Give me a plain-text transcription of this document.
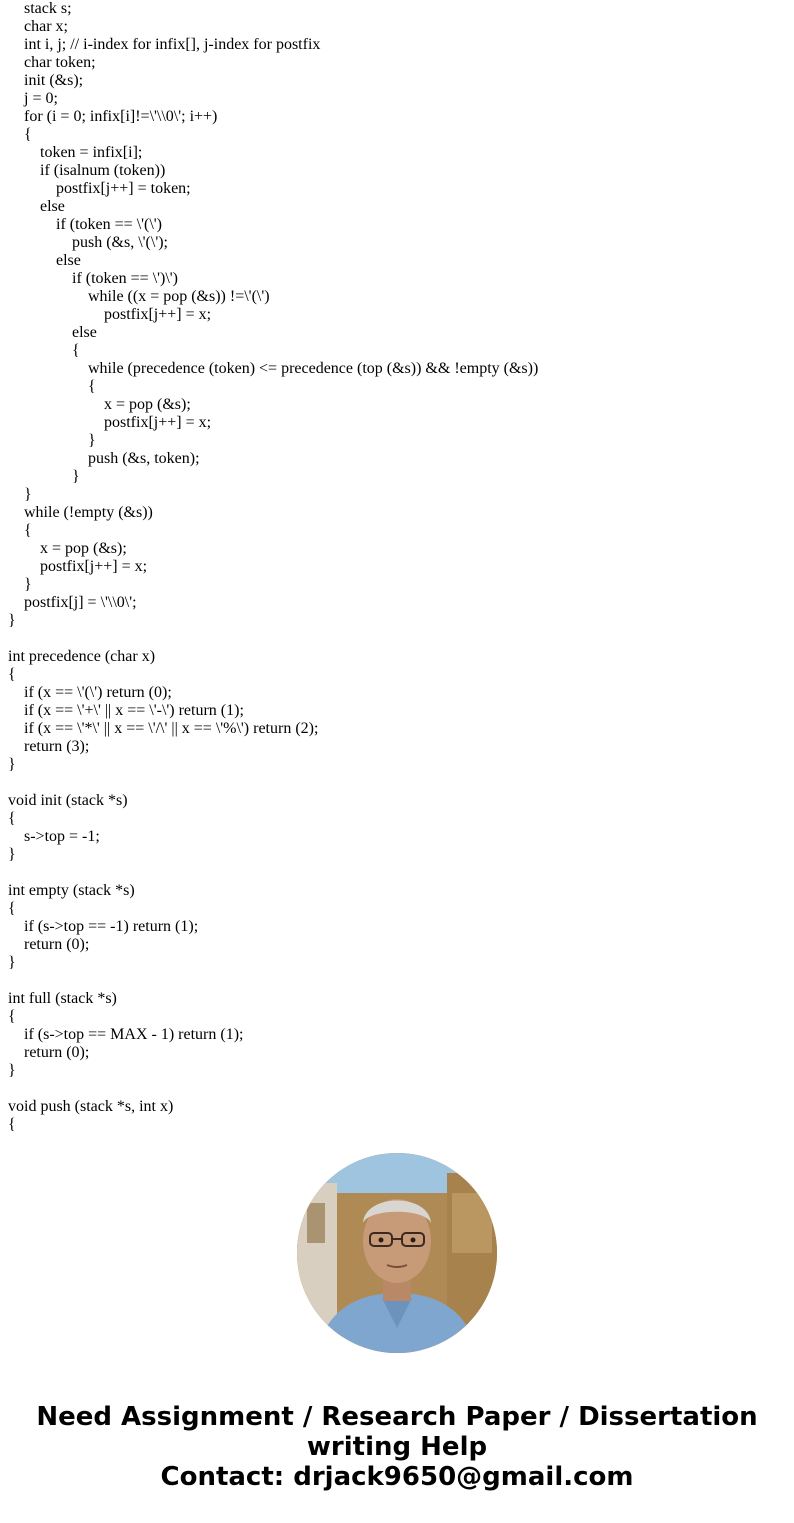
stack s;
char x;
int i, j; // i-index for infix[], j-index for postfix
char token;
init (&s);
j = 0;
for (i = 0; infix[i]!=\'\\0\'; i++)
{
token = infix[i];
if (isalnum (token))
postfix[j++] = token;
else
if (token == \'(\')
push (&s, \'(\');
else
if (token == \')\')
while ((x = pop (&s)) !=\'(\')
postfix[j++] = x;
else
{
while (precedence (token) <= precedence (top (&s)) && !empty (&s))
{
x = pop (&s);
postfix[j++] = x;
}
push (&s, token);
}
}
while (!empty (&s))
{
x = pop (&s);
postfix[j++] = x;
}
postfix[j] = \'\\0\';
}
int precedence (char x)
{
if (x == \'(\') return (0);
if (x == \'+\' || x == \'-\') return (1);
if (x == \'*\' || x == \'/\' || x == \'%\') return (2);
return (3);
}
void init (stack *s)
{
s->top = -1;
}
int empty (stack *s)
{
if (s->top == -1) return (1);
return (0);
}
int full (stack *s)
{
if (s->top == MAX - 1) return (1);
return (0);
}
void push (stack *s, int x)
{
Need Assignment / Research Paper / Dissertation
writing Help
Contact: drjack9650@gmail.com
